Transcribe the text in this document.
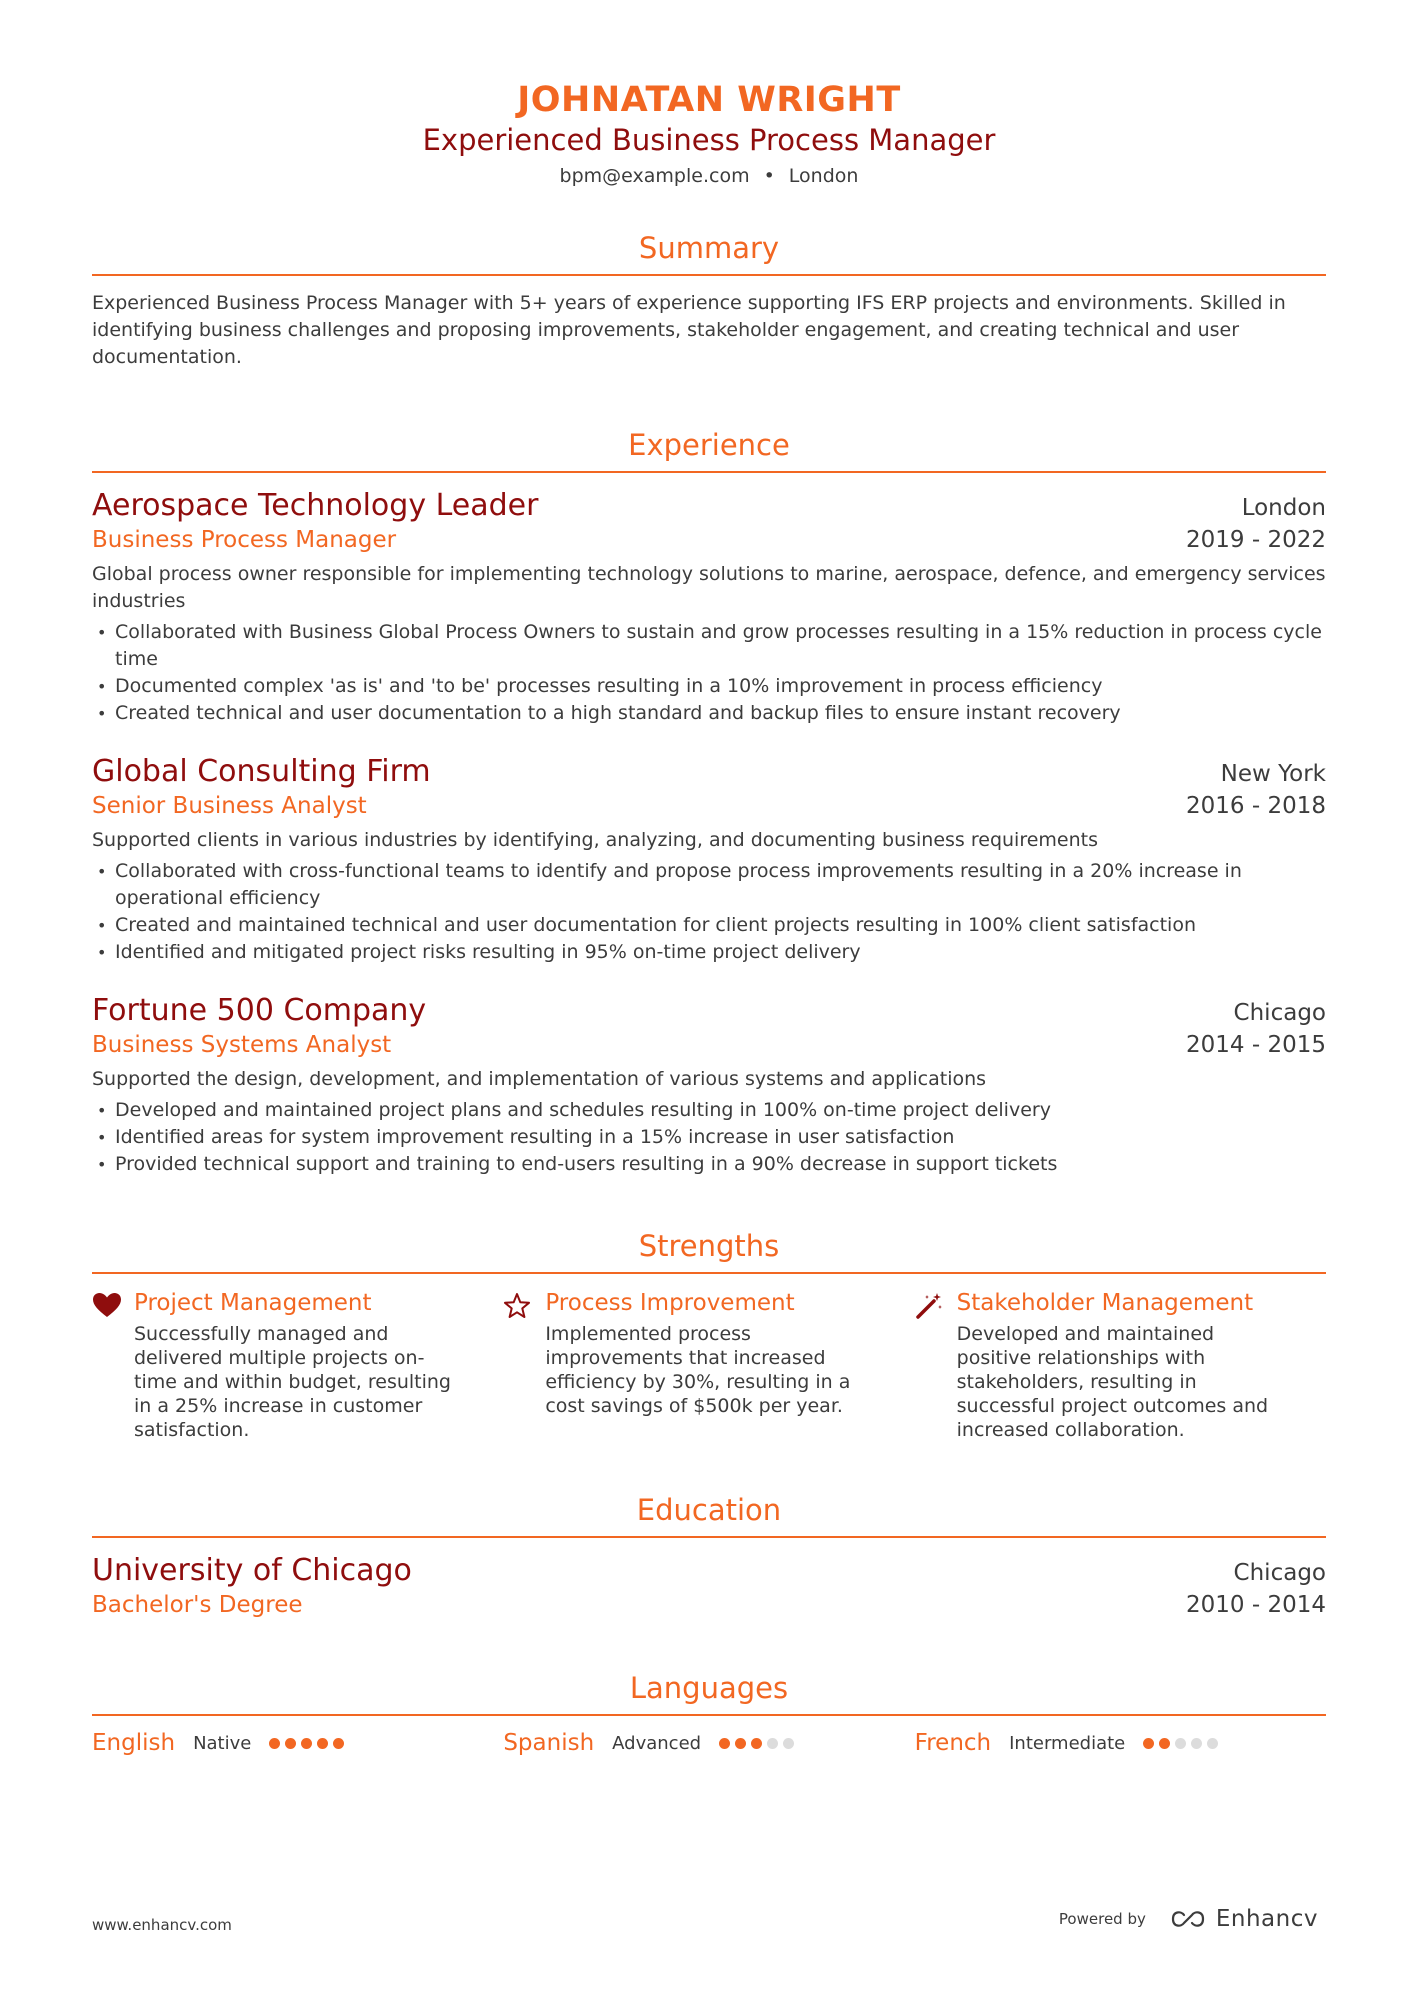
JOHNATAN WRIGHT
Experienced Business Process Manager
bpm@example.com • London
Summary
Experienced Business Process Manager with 5+ years of experience supporting IFS ERP projects and environments. Skilled in identifying business challenges and proposing improvements, stakeholder engagement, and creating technical and user documentation.
Experience
Aerospace Technology Leader	London
Business Process Manager	2019 - 2022
Global process owner responsible for implementing technology solutions to marine, aerospace, defence, and emergency services industries
• Collaborated with Business Global Process Owners to sustain and grow processes resulting in a 15% reduction in process cycle time
• Documented complex 'as is' and 'to be' processes resulting in a 10% improvement in process efficiency
• Created technical and user documentation to a high standard and backup files to ensure instant recovery
Global Consulting Firm	New York
Senior Business Analyst	2016 - 2018
Supported clients in various industries by identifying, analyzing, and documenting business requirements
• Collaborated with cross-functional teams to identify and propose process improvements resulting in a 20% increase in operational efficiency
• Created and maintained technical and user documentation for client projects resulting in 100% client satisfaction
• Identified and mitigated project risks resulting in 95% on-time project delivery
Fortune 500 Company	Chicago
Business Systems Analyst	2014 - 2015
Supported the design, development, and implementation of various systems and applications
• Developed and maintained project plans and schedules resulting in 100% on-time project delivery
• Identified areas for system improvement resulting in a 15% increase in user satisfaction
• Provided technical support and training to end-users resulting in a 90% decrease in support tickets
Strengths
Project Management
Successfully managed and delivered multiple projects on-time and within budget, resulting in a 25% increase in customer satisfaction.
Process Improvement
Implemented process improvements that increased efficiency by 30%, resulting in a cost savings of $500k per year.
Stakeholder Management
Developed and maintained positive relationships with stakeholders, resulting in successful project outcomes and increased collaboration.
Education
University of Chicago	Chicago
Bachelor's Degree	2010 - 2014
Languages
English Native	Spanish Advanced	French Intermediate
www.enhancv.com	Powered by	Enhancv
